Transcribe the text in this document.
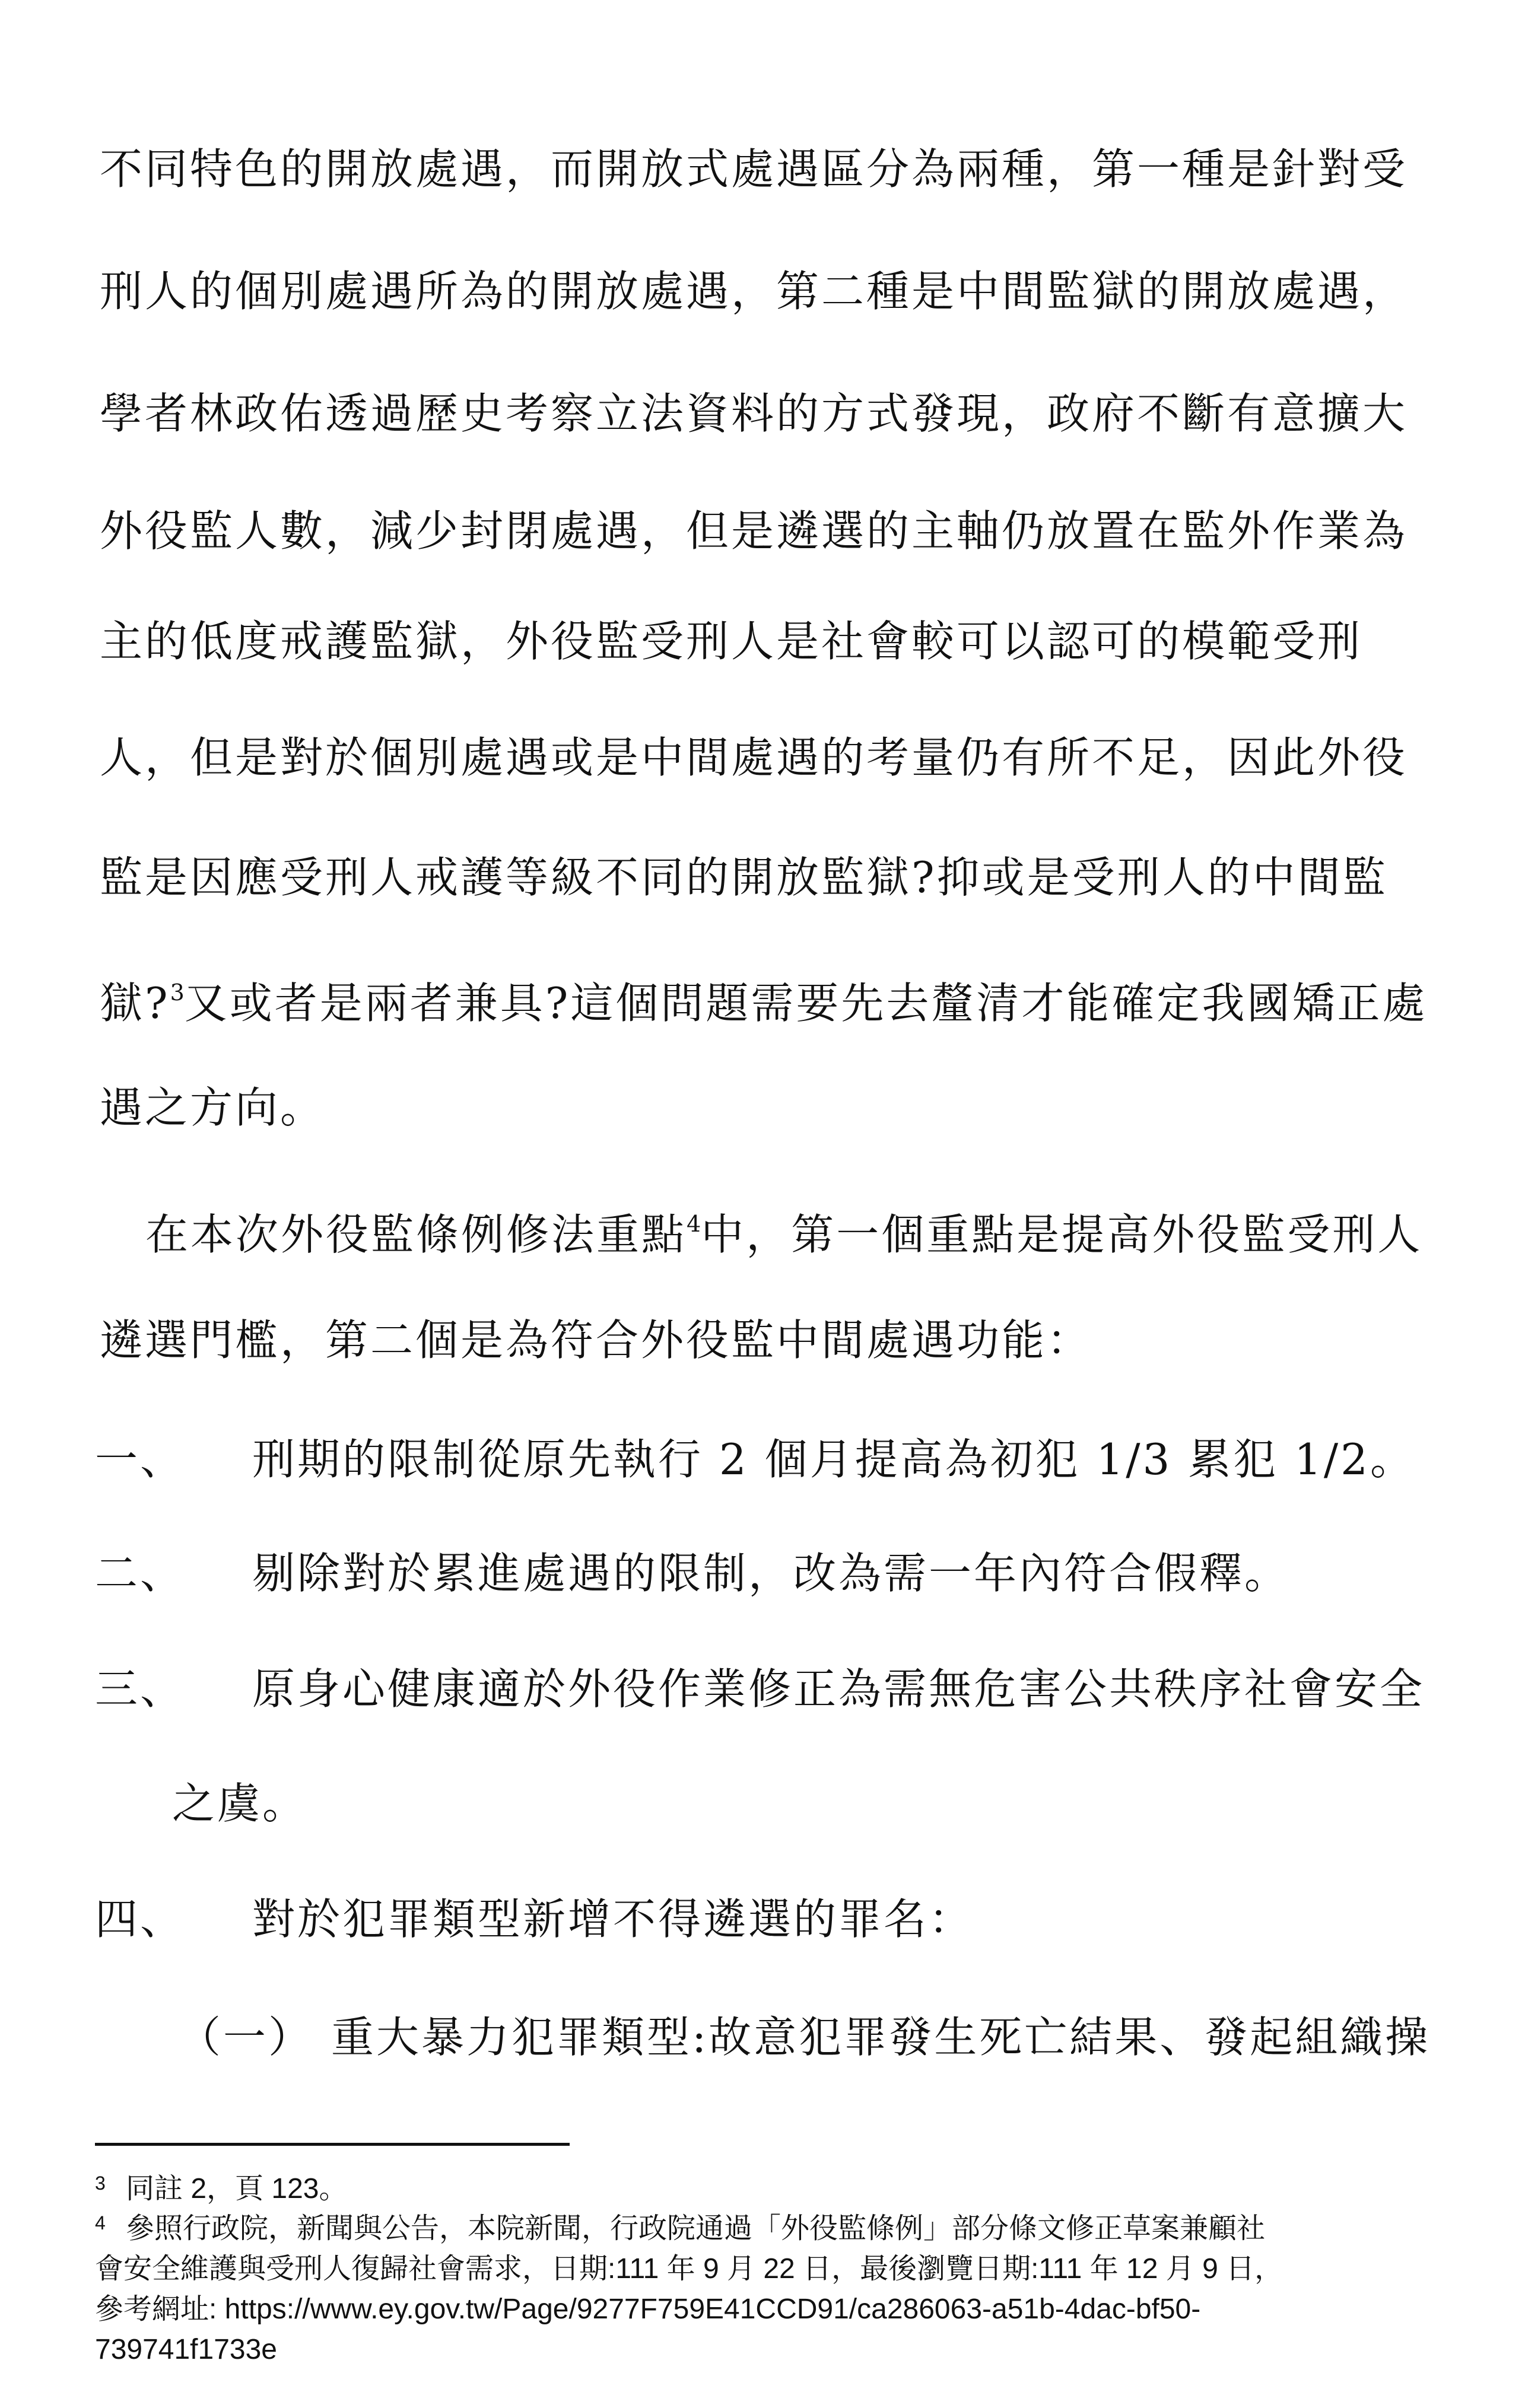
不同特色的開放處遇，而開放式處遇區分為兩種，第一種是針對受
刑人的個別處遇所為的開放處遇，第二種是中間監獄的開放處遇，
學者林政佑透過歷史考察立法資料的方式發現，政府不斷有意擴大
外役監人數，減少封閉處遇，但是遴選的主軸仍放置在監外作業為
主的低度戒護監獄，外役監受刑人是社會較可以認可的模範受刑
人，但是對於個別處遇或是中間處遇的考量仍有所不足，因此外役
監是因應受刑人戒護等級不同的開放監獄?抑或是受刑人的中間監
獄?$^3$又或者是兩者兼具?這個問題需要先去釐清才能確定我國矯正處
遇之方向。
在本次外役監條例修法重點$^4$中，第一個重點是提高外役監受刑人
遴選門檻，第二個是為符合外役監中間處遇功能：
一、 刑期的限制從原先執行 2 個月提高為初犯 1/3 累犯 1/2。
二、 剔除對於累進處遇的限制，改為需一年內符合假釋。
三、 原身心健康適於外役作業修正為需無危害公共秩序社會安全
之虞。
四、 對於犯罪類型新增不得遴選的罪名：
（一） 重大暴力犯罪類型:故意犯罪發生死亡結果、發起組織操
3 同註 2，頁 123。
4 參照行政院，新聞與公告，本院新聞，行政院通過「外役監條例」部分條文修正草案兼顧社
會安全維護與受刑人復歸社會需求，日期:111 年 9 月 22 日，最後瀏覽日期:111 年 12 月 9 日，
參考網址: https://www.ey.gov.tw/Page/9277F759E41CCD91/ca286063-a51b-4dac-bf50-
739741f1733e
